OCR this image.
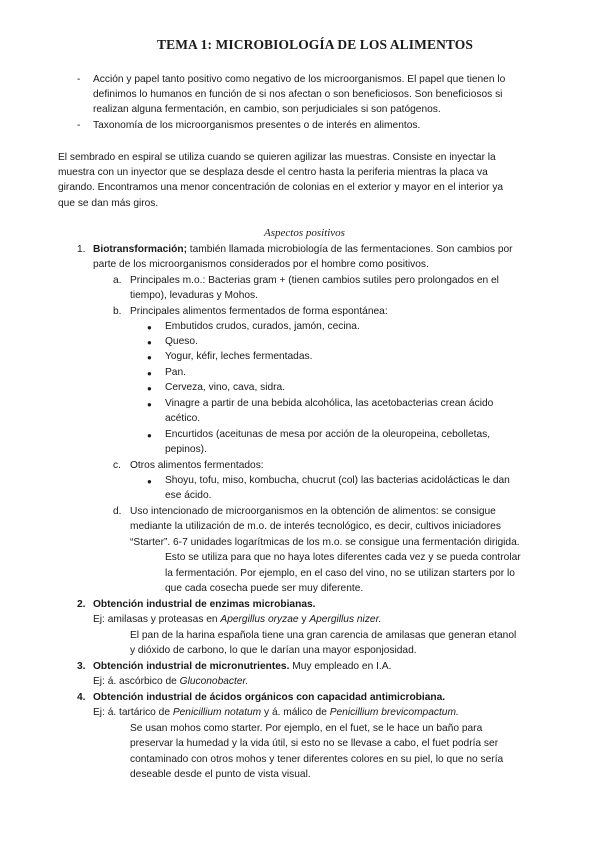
TEMA 1: MICROBIOLOGÍA DE LOS ALIMENTOS
- Acción y papel tanto positivo como negativo de los microorganismos. El papel que tienen lo
definimos lo humanos en función de si nos afectan o son beneficiosos. Son beneficiosos si
realizan alguna fermentación, en cambio, son perjudiciales si son patógenos.
- Taxonomía de los microorganismos presentes o de interés en alimentos.
El sembrado en espiral se utiliza cuando se quieren agilizar las muestras. Consiste en inyectar la
muestra con un inyector que se desplaza desde el centro hasta la periferia mientras la placa va
girando. Encontramos una menor concentración de colonias en el exterior y mayor en el interior ya
que se dan más giros.
Aspectos positivos
1. Biotransformación; también llamada microbiología de las fermentaciones. Son cambios por
parte de los microorganismos considerados por el hombre como positivos.
a. Principales m.o.: Bacterias gram + (tienen cambios sutiles pero prolongados en el
tiempo), levaduras y Mohos.
b. Principales alimentos fermentados de forma espontánea:
● Embutidos crudos, curados, jamón, cecina.
● Queso.
● Yogur, kéfir, leches fermentadas.
● Pan.
● Cerveza, vino, cava, sidra.
● Vinagre a partir de una bebida alcohólica, las acetobacterias crean ácido
acético.
● Encurtidos (aceitunas de mesa por acción de la oleuropeina, cebolletas,
pepinos).
c. Otros alimentos fermentados:
● Shoyu, tofu, miso, kombucha, chucrut (col) las bacterias acidolácticas le dan
ese ácido.
d. Uso intencionado de microorganismos en la obtención de alimentos: se consigue
mediante la utilización de m.o. de interés tecnológico, es decir, cultivos iniciadores
“Starter”. 6-7 unidades logarítmicas de los m.o. se consigue una fermentación dirigida.
Esto se utiliza para que no haya lotes diferentes cada vez y se pueda controlar
la fermentación. Por ejemplo, en el caso del vino, no se utilizan starters por lo
que cada cosecha puede ser muy diferente.
2. Obtención industrial de enzimas microbianas.
Ej: amilasas y proteasas en Apergillus oryzae y Apergillus nizer.
El pan de la harina española tiene una gran carencia de amilasas que generan etanol
y dióxido de carbono, lo que le darían una mayor esponjosidad.
3. Obtención industrial de micronutrientes. Muy empleado en I.A.
Ej: á. ascórbico de Gluconobacter.
4. Obtención industrial de ácidos orgánicos con capacidad antimicrobiana.
Ej: á. tartárico de Penicillium notatum y á. málico de Penicillium brevicompactum.
Se usan mohos como starter. Por ejemplo, en el fuet, se le hace un baño para
preservar la humedad y la vida útil, si esto no se llevase a cabo, el fuet podría ser
contaminado con otros mohos y tener diferentes colores en su piel, lo que no sería
deseable desde el punto de vista visual.
